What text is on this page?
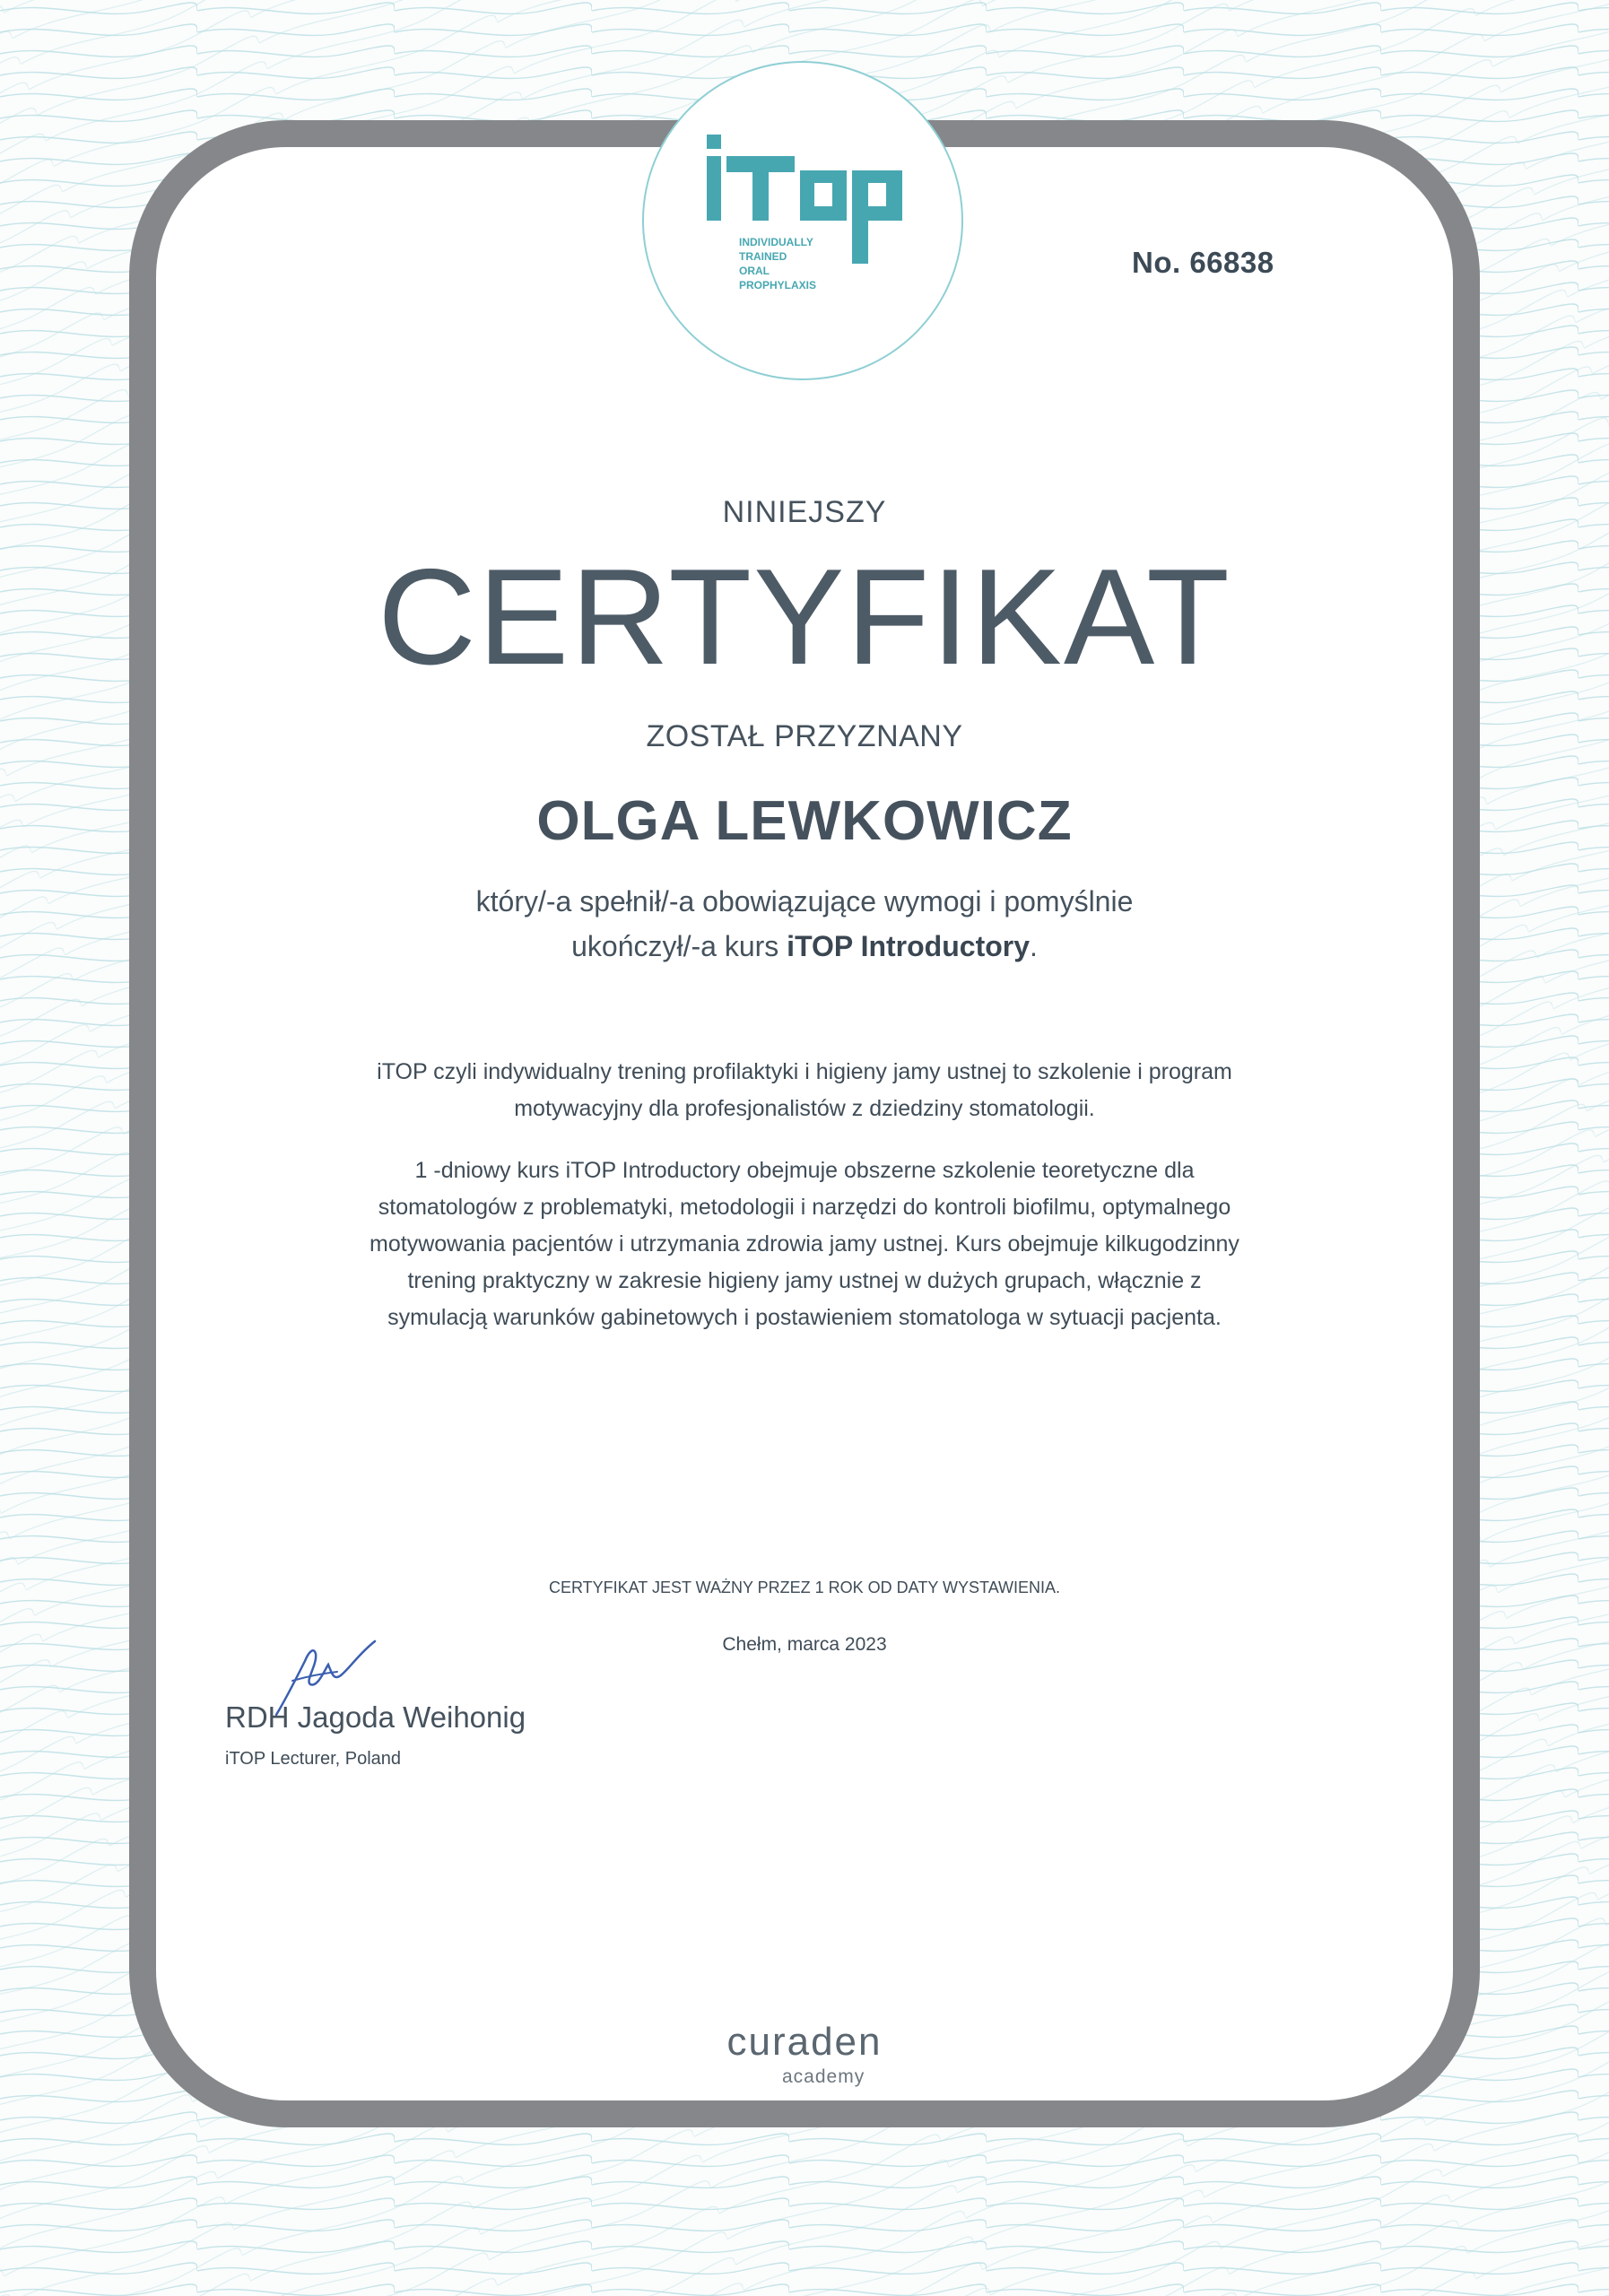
INDIVIDUALLY
TRAINED
ORAL
PROPHYLAXIS
No. 66838
NINIEJSZY
CERTYFIKAT
ZOSTAŁ PRZYZNANY
OLGA LEWKOWICZ
który/-a spełnił/-a obowiązujące wymogi i pomyślnie
ukończył/-a kurs iTOP Introductory.
iTOP czyli indywidualny trening profilaktyki i higieny jamy ustnej to szkolenie i program motywacyjny dla profesjonalistów z dziedziny stomatologii.
1 -dniowy kurs iTOP Introductory obejmuje obszerne szkolenie teoretyczne dla stomatologów z problematyki, metodologii i narzędzi do kontroli biofilmu, optymalnego motywowania pacjentów i utrzymania zdrowia jamy ustnej. Kurs obejmuje kilkugodzinny trening praktyczny w zakresie higieny jamy ustnej w dużych grupach, włącznie z symulacją warunków gabinetowych i postawieniem stomatologa w sytuacji pacjenta.
CERTYFIKAT JEST WAŻNY PRZEZ 1 ROK OD DATY WYSTAWIENIA.
Chełm, marca 2023
RDH Jagoda Weihonig
iTOP Lecturer, Poland
curaden
academy
